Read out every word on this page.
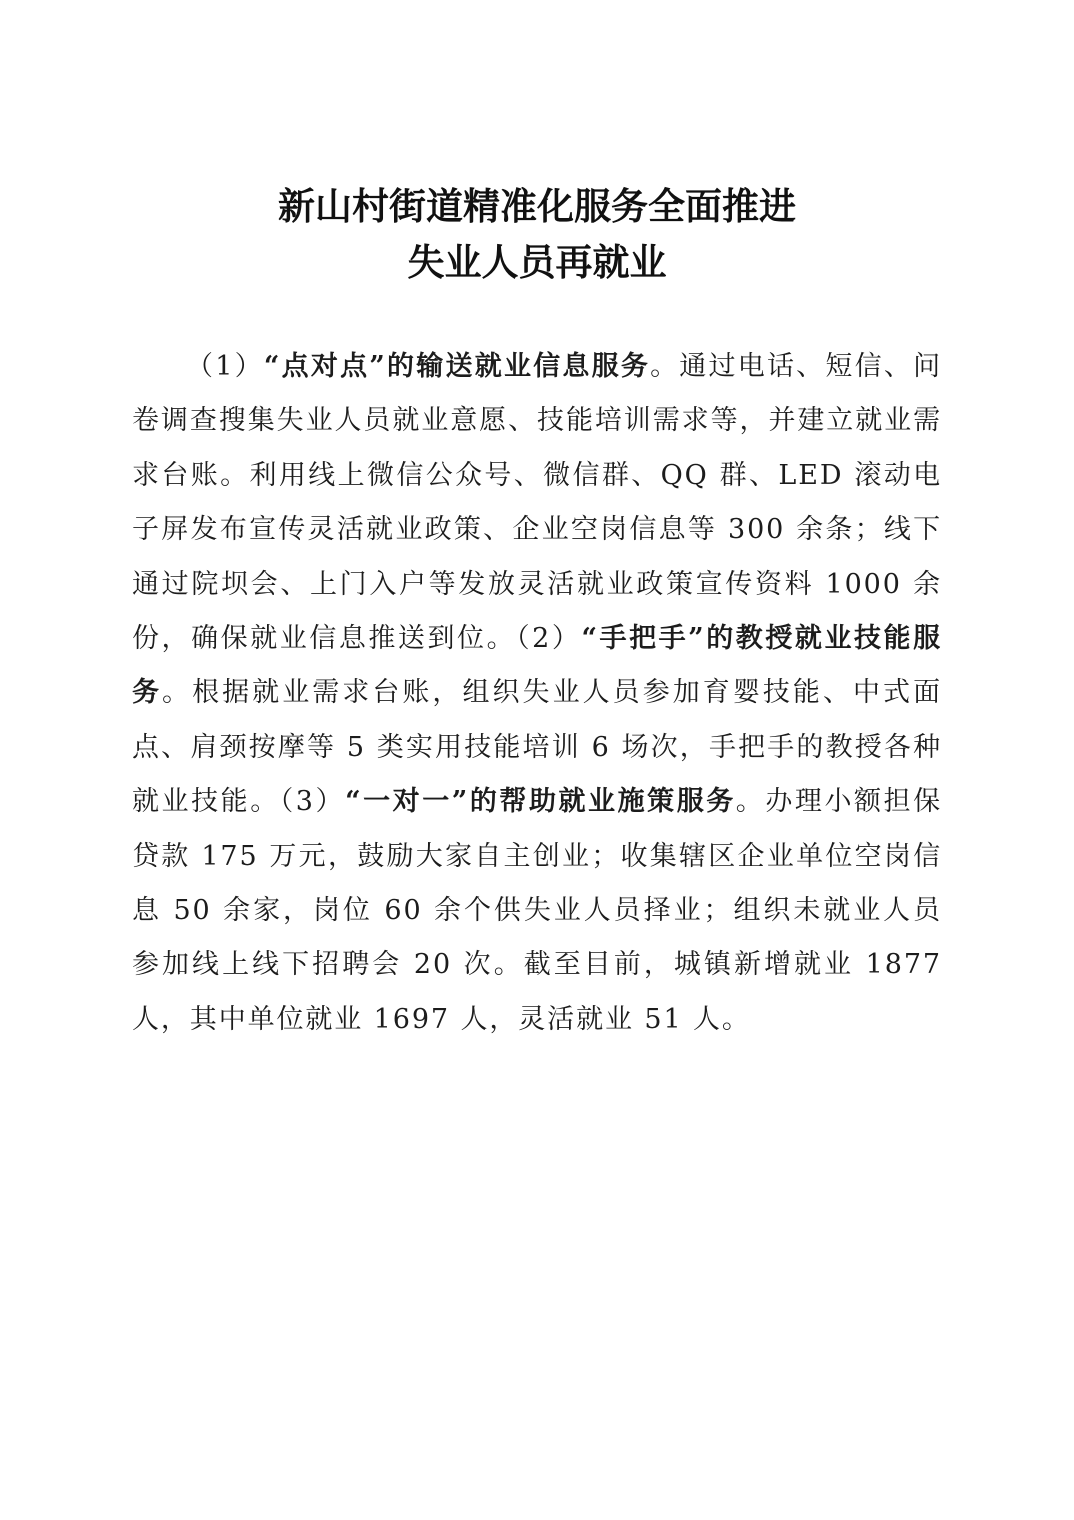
新山村街道精准化服务全面推进
失业人员再就业

（1）“点对点”的输送就业信息服务。通过电话、短信、问卷调查搜集失业人员就业意愿、技能培训需求等，并建立就业需求台账。利用线上微信公众号、微信群、QQ 群、LED 滚动电子屏发布宣传灵活就业政策、企业空岗信息等 300 余条；线下通过院坝会、上门入户等发放灵活就业政策宣传资料 1000 余份，确保就业信息推送到位。（2）“手把手”的教授就业技能服务。根据就业需求台账，组织失业人员参加育婴技能、中式面点、肩颈按摩等 5 类实用技能培训 6 场次，手把手的教授各种就业技能。（3）“一对一”的帮助就业施策服务。办理小额担保贷款 175 万元，鼓励大家自主创业；收集辖区企业单位空岗信息 50 余家，岗位 60 余个供失业人员择业；组织未就业人员参加线上线下招聘会 20 次。截至目前，城镇新增就业 1877 人，其中单位就业 1697 人，灵活就业 51 人。
